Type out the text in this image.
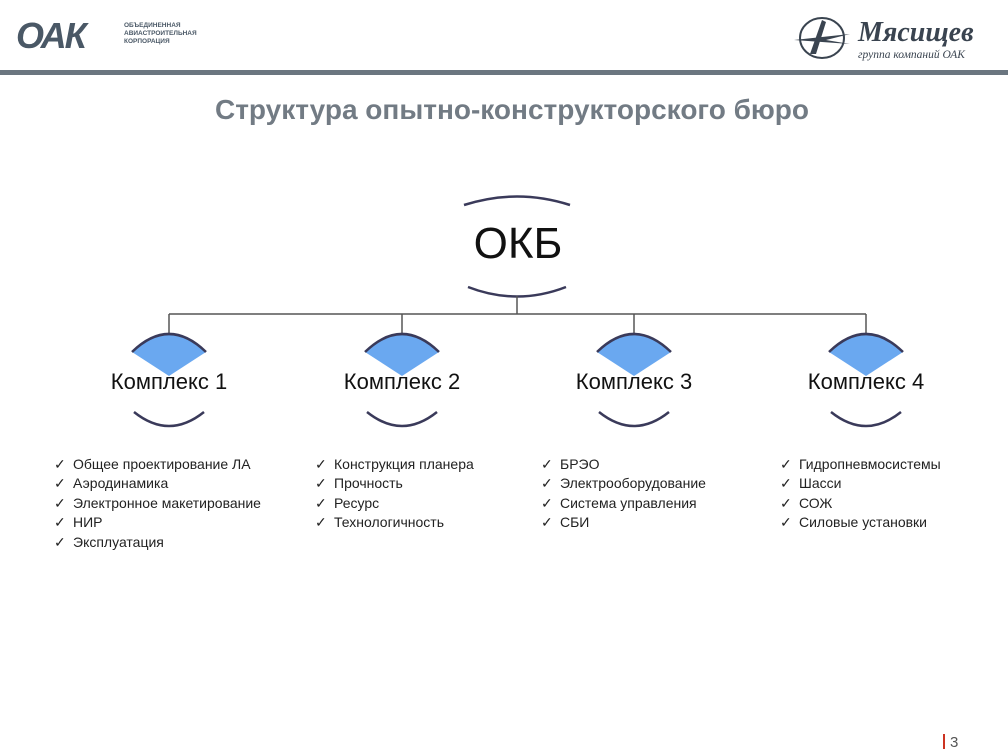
ОАК	ОБЪЕДИНЕННАЯ
АВИАСТРОИТЕЛЬНАЯ
КОРПОРАЦИЯ	Мясищев
группа компаний ОАК
Структура опытно-конструкторского бюро
ОКБ
Комплекс 1	Комплекс 2	Комплекс 3	Комплекс 4
✓ Общее проектирование ЛА
✓ Аэродинамика
✓ Электронное макетирование
✓ НИР
✓ Эксплуатация
✓ Конструкция планера
✓ Прочность
✓ Ресурс
✓ Технологичность
✓ БРЭО
✓ Электрооборудование
✓ Система управления
✓ СБИ
✓ Гидропневмосистемы
✓ Шасси
✓ СОЖ
✓ Силовые установки
3
